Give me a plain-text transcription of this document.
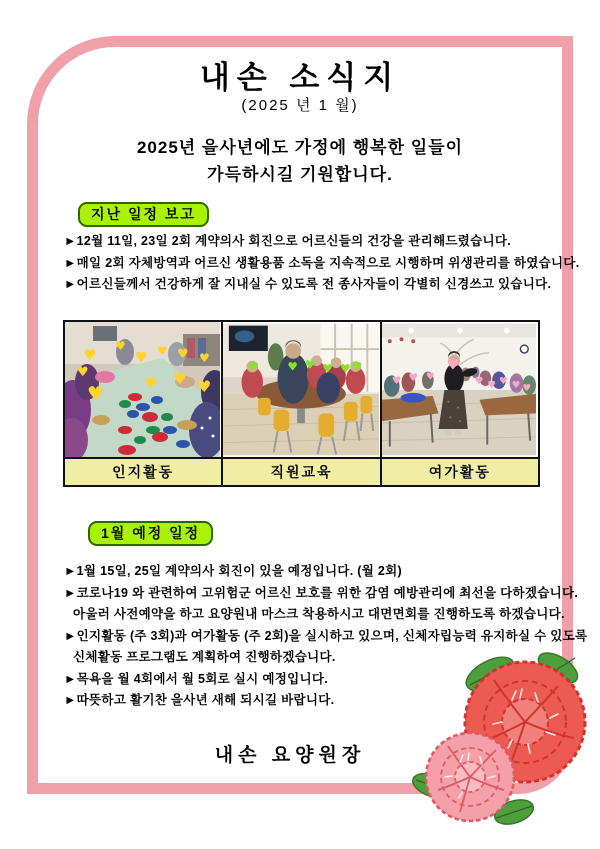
내손 소식지
(2025 년 1 월)
2025년 을사년에도 가정에 행복한 일들이
가득하시길 기원합니다.
지난 일정 보고
►12월 11일, 23일 2회 계약의사 회진으로 어르신들의 건강을 관리해드렸습니다.
►매일 2회 자체방역과 어르신 생활용품 소독을 지속적으로 시행하며 위생관리를 하였습니다.
►어르신들께서 건강하게 잘 지내실 수 있도록 전 종사자들이 각별히 신경쓰고 있습니다.
♥
♥
♥
♥ ♥ ♥ ♥
♥	♥ ♥ ♥

♥ ♥ ♥ ♥ ♥ ♥

♥ ♥ ♥
♥
♥ ♥ ♥ ♥ ♥

인지활동	직원교육	여가활동
1월 예정 일정
►1월 15일, 25일 계약의사 회진이 있을 예정입니다. (월 2회)
►코로나19 와 관련하여 고위험군 어르신 보호를 위한 감염 예방관리에 최선을 다하겠습니다.
아울러 사전예약을 하고 요양원내 마스크 착용하시고 대면면회를 진행하도록 하겠습니다.
►인지활동 (주 3회)과 여가활동 (주 2회)을 실시하고 있으며, 신체자립능력 유지하실 수 있도록
신체활동 프로그램도 계획하여 진행하겠습니다.
►목욕을 월 4회에서 월 5회로 실시 예정입니다.
►따뜻하고 활기찬 을사년 새해 되시길 바랍니다.
내손 요양원장
